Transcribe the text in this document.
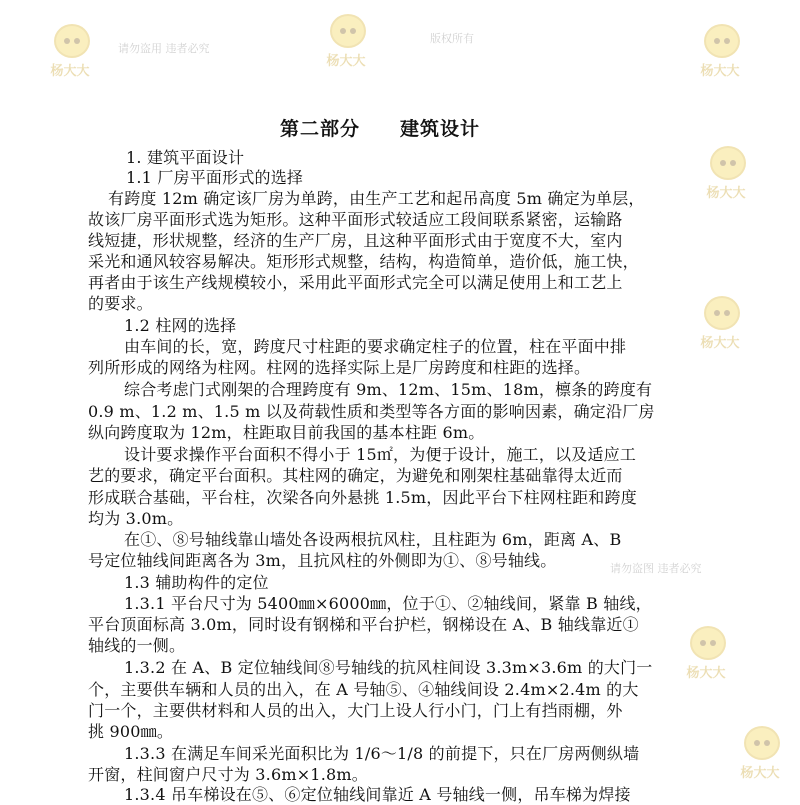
杨大大
杨大大
杨大大
杨大大
杨大大
杨大大
杨大大
请勿盗用 违者必究
版权所有
请勿盗图 违者必究
第二部分　　建筑设计
1. 建筑平面设计
1.1 厂房平面形式的选择
有跨度 12m 确定该厂房为单跨，由生产工艺和起吊高度 5m 确定为单层，
故该厂房平面形式选为矩形。这种平面形式较适应工段间联系紧密，运输路
线短捷，形状规整，经济的生产厂房，且这种平面形式由于宽度不大，室内
采光和通风较容易解决。矩形形式规整，结构，构造简单，造价低，施工快，
再者由于该生产线规模较小，采用此平面形式完全可以满足使用上和工艺上
的要求。
1.2 柱网的选择
由车间的长，宽，跨度尺寸柱距的要求确定柱子的位置，柱在平面中排
列所形成的网络为柱网。柱网的选择实际上是厂房跨度和柱距的选择。
综合考虑门式刚架的合理跨度有 9m、12m、15m、18m，檩条的跨度有
0.9 m、1.2 m、1.5 m 以及荷载性质和类型等各方面的影响因素，确定沿厂房
纵向跨度取为 12m，柱距取目前我国的基本柱距 6m。
设计要求操作平台面积不得小于 15㎡，为便于设计，施工，以及适应工
艺的要求，确定平台面积。其柱网的确定，为避免和刚架柱基础靠得太近而
形成联合基础，平台柱，次梁各向外悬挑 1.5m，因此平台下柱网柱距和跨度
均为 3.0m。
在①、⑧号轴线靠山墙处各设两根抗风柱，且柱距为 6m，距离 A、B
号定位轴线间距离各为 3m，且抗风柱的外侧即为①、⑧号轴线。
1.3 辅助构件的定位
1.3.1 平台尺寸为 5400㎜×6000㎜，位于①、②轴线间，紧靠 B 轴线，
平台顶面标高 3.0m，同时设有钢梯和平台护栏，钢梯设在 A、B 轴线靠近①
轴线的一侧。
1.3.2 在 A、B 定位轴线间⑧号轴线的抗风柱间设 3.3m×3.6m 的大门一
个，主要供车辆和人员的出入，在 A 号轴⑤、④轴线间设 2.4m×2.4m 的大
门一个，主要供材料和人员的出入，大门上设人行小门，门上有挡雨棚，外
挑 900㎜。
1.3.3 在满足车间采光面积比为 1/6～1/8 的前提下，只在厂房两侧纵墙
开窗，柱间窗户尺寸为 3.6m×1.8m。
1.3.4 吊车梯设在⑤、⑥定位轴线间靠近 A 号轴线一侧，吊车梯为焊接
